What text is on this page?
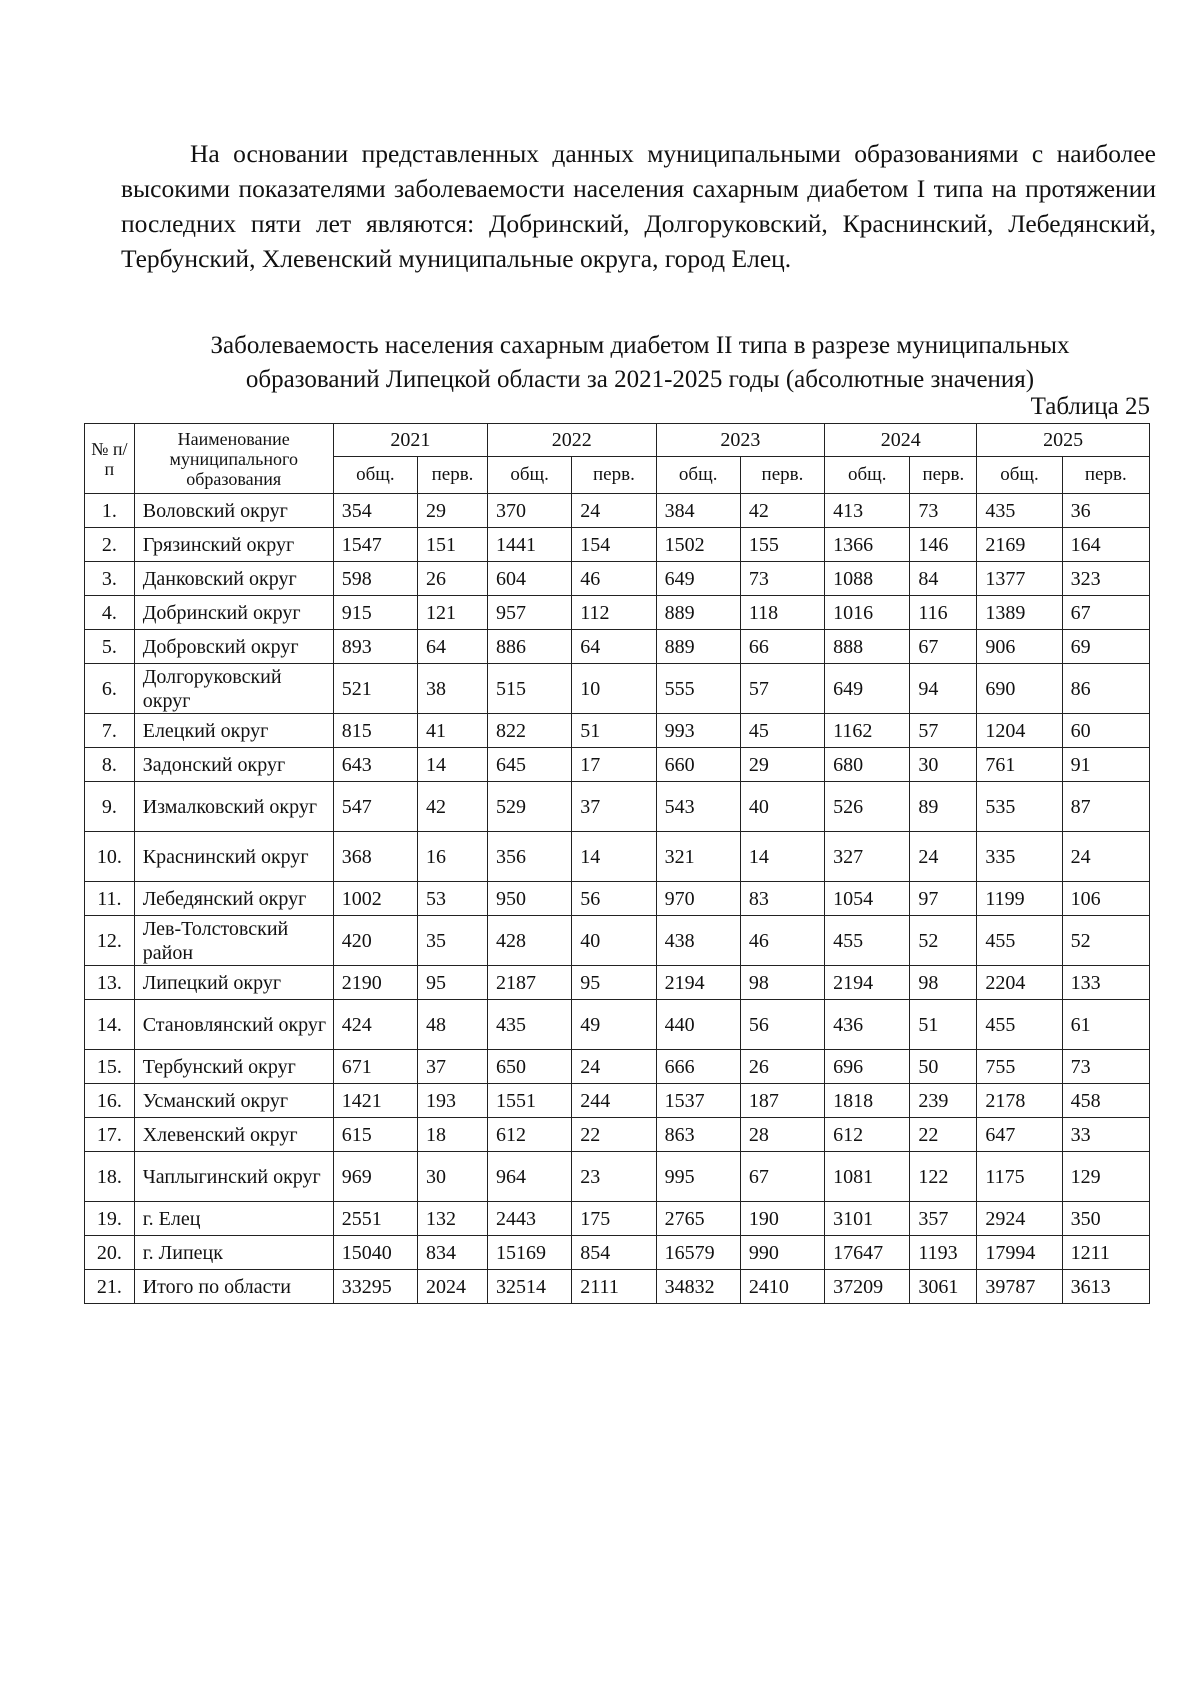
На основании представленных данных муниципальными образованиями с наиболее высокими показателями заболеваемости населения сахарным диабетом I типа на протяжении последних пяти лет являются: Добринский, Долгоруковский, Краснинский, Лебедянский, Тербунский, Хлевенский муниципальные округа, город Елец.

Заболеваемость населения сахарным диабетом II типа в разрезе муниципальных
образований Липецкой области за 2021-2025 годы (абсолютные значения)
Таблица 25
№ п/п	Наименование муниципального образования	2021		2022		2023		2024		2025	
		общ.	перв.	общ.	перв.	общ.	перв.	общ.	перв.	общ.	перв.
1.	Воловский округ	354	29	370	24	384	42	413	73	435	36
2.	Грязинский округ	1547	151	1441	154	1502	155	1366	146	2169	164
3.	Данковский округ	598	26	604	46	649	73	1088	84	1377	323
4.	Добринский округ	915	121	957	112	889	118	1016	116	1389	67
5.	Добровский округ	893	64	886	64	889	66	888	67	906	69
6.	Долгоруковский округ	521	38	515	10	555	57	649	94	690	86
7.	Елецкий округ	815	41	822	51	993	45	1162	57	1204	60
8.	Задонский округ	643	14	645	17	660	29	680	30	761	91
9.	Измалковский округ	547	42	529	37	543	40	526	89	535	87
10.	Краснинский округ	368	16	356	14	321	14	327	24	335	24
11.	Лебедянский округ	1002	53	950	56	970	83	1054	97	1199	106
12.	Лев-Толстовский район	420	35	428	40	438	46	455	52	455	52
13.	Липецкий округ	2190	95	2187	95	2194	98	2194	98	2204	133
14.	Становлянский округ	424	48	435	49	440	56	436	51	455	61
15.	Тербунский округ	671	37	650	24	666	26	696	50	755	73
16.	Усманский округ	1421	193	1551	244	1537	187	1818	239	2178	458
17.	Хлевенский округ	615	18	612	22	863	28	612	22	647	33
18.	Чаплыгинский округ	969	30	964	23	995	67	1081	122	1175	129
19.	г. Елец	2551	132	2443	175	2765	190	3101	357	2924	350
20.	г. Липецк	15040	834	15169	854	16579	990	17647	1193	17994	1211
21.	Итого по области	33295	2024	32514	2111	34832	2410	37209	3061	39787	3613
